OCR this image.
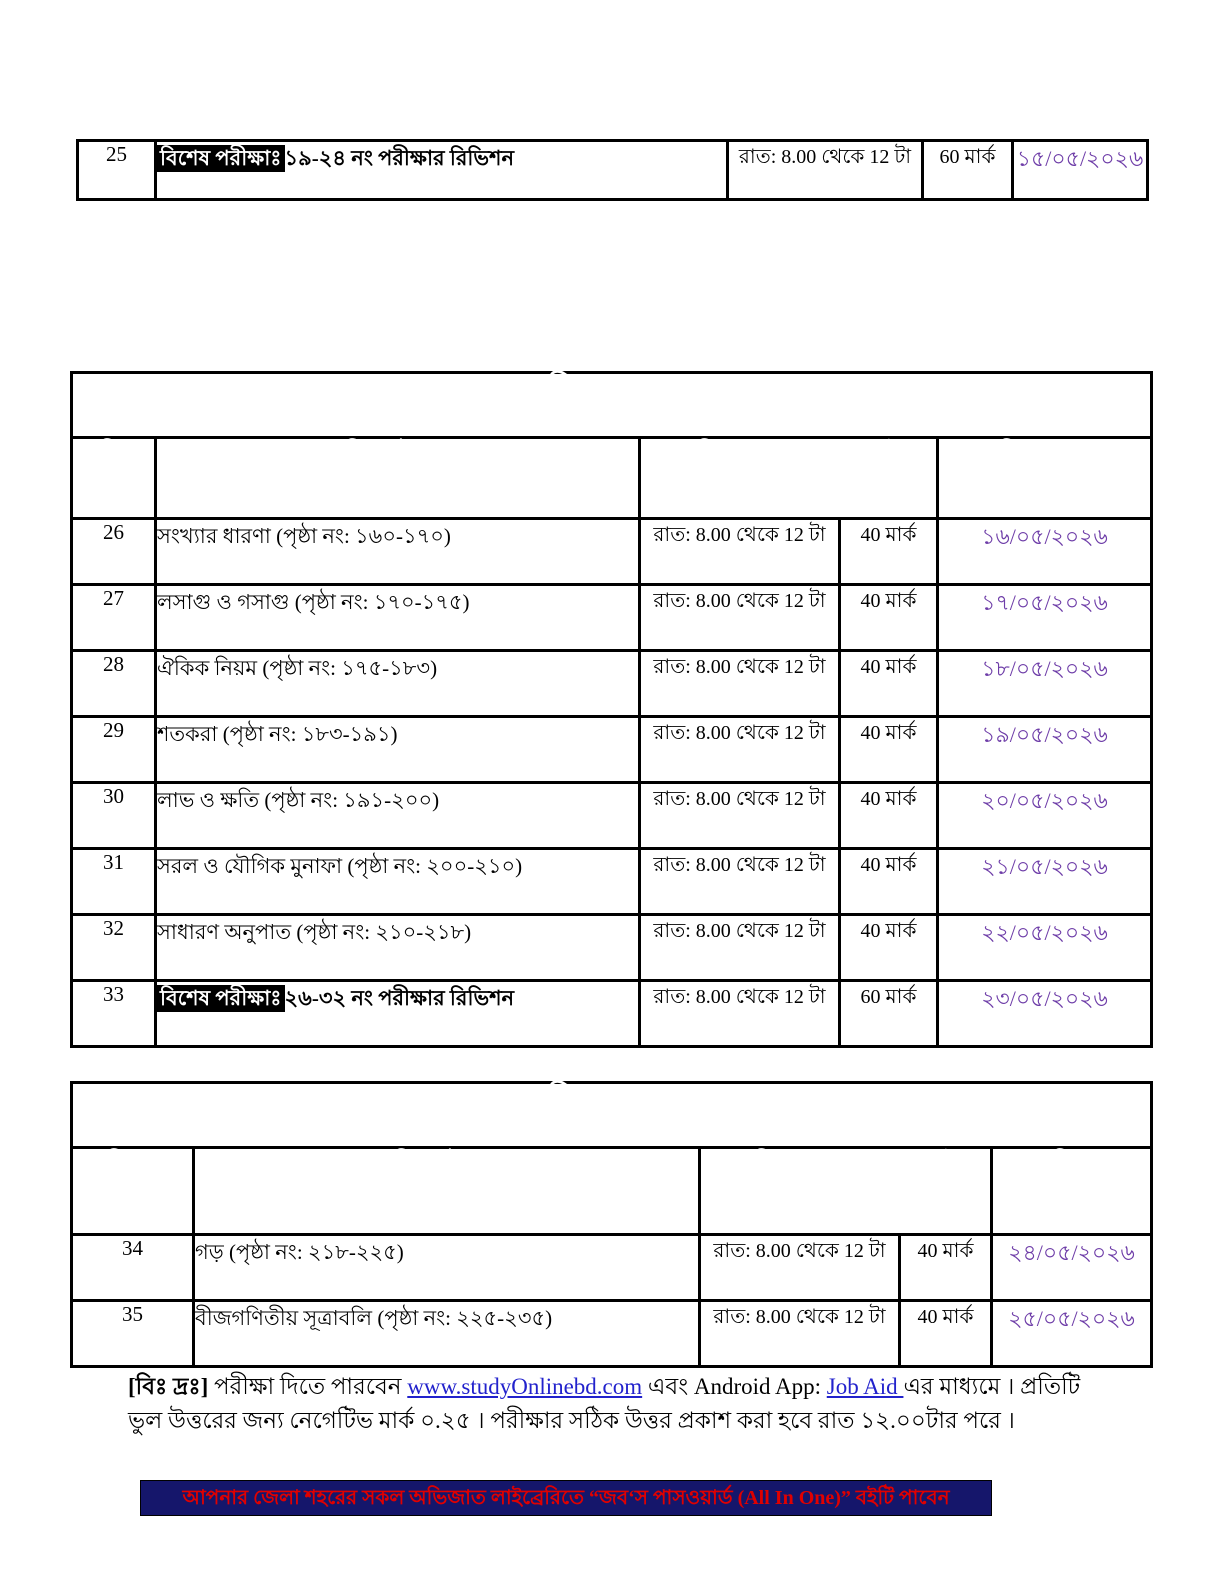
25	বিশেষ পরীক্ষাঃ ১৯-২৪ নং পরীক্ষার রিভিশন	রাত: 8.00 থেকে 12 টা	60 মার্ক	১৫/০৫/২০২৬
পরিকল্পনা-04				

পরীক্ষা
নং	পরীক্ষার টপিক &
জব‘স পাসওয়ার্ড (All In One) বইয়ের পৃষ্ঠা নাম্বার	পরীক্ষা দেওয়ার সময় ও মার্ক		পরীক্ষার তারিখ

26	সংখ্যার ধারণা (পৃষ্ঠা নং: ১৬০-১৭০)	রাত: 8.00 থেকে 12 টা	40 মার্ক	১৬/০৫/২০২৬
27	লসাগু ও গসাগু (পৃষ্ঠা নং: ১৭০-১৭৫)	রাত: 8.00 থেকে 12 টা	40 মার্ক	১৭/০৫/২০২৬
28	ঐকিক নিয়ম (পৃষ্ঠা নং: ১৭৫-১৮৩)	রাত: 8.00 থেকে 12 টা	40 মার্ক	১৮/০৫/২০২৬
29	শতকরা (পৃষ্ঠা নং: ১৮৩-১৯১)	রাত: 8.00 থেকে 12 টা	40 মার্ক	১৯/০৫/২০২৬
30	লাভ ও ক্ষতি (পৃষ্ঠা নং: ১৯১-২০০)	রাত: 8.00 থেকে 12 টা	40 মার্ক	২০/০৫/২০২৬
31	সরল ও যৌগিক মুনাফা (পৃষ্ঠা নং: ২০০-২১০)	রাত: 8.00 থেকে 12 টা	40 মার্ক	২১/০৫/২০২৬
32	সাধারণ অনুপাত (পৃষ্ঠা নং: ২১০-২১৮)	রাত: 8.00 থেকে 12 টা	40 মার্ক	২২/০৫/২০২৬
33	বিশেষ পরীক্ষাঃ ২৬-৩২ নং পরীক্ষার রিভিশন	রাত: 8.00 থেকে 12 টা	60 মার্ক	২৩/০৫/২০২৬
পরিকল্পনা-05				

পরীক্ষা নং	পরীক্ষার টপিক &
জব‘স পাসওয়ার্ড (All In One) বইয়ের পৃষ্ঠা নাম্বার	পরীক্ষা দেওয়ার সময় ও মার্ক		পরীক্ষার
তারিখ

34	গড় (পৃষ্ঠা নং: ২১৮-২২৫)	রাত: 8.00 থেকে 12 টা	40 মার্ক	২৪/০৫/২০২৬
35	বীজগণিতীয় সূত্রাবলি (পৃষ্ঠা নং: ২২৫-২৩৫)	রাত: 8.00 থেকে 12 টা	40 মার্ক	২৫/০৫/২০২৬
[বিঃ দ্রঃ] পরীক্ষা দিতে পারবেন www.studyOnlinebd.com এবং Android App: Job Aid এর মাধ্যমে । প্রতিটি ভুল উত্তরের জন্য নেগেটিভ মার্ক ০.২৫ । পরীক্ষার সঠিক উত্তর প্রকাশ করা হবে রাত ১২.০০টার পরে ।
আপনার জেলা শহরের সকল অভিজাত লাইব্রেরিতে “জব‘স পাসওয়ার্ড (All In One)” বইটি পাবেন
